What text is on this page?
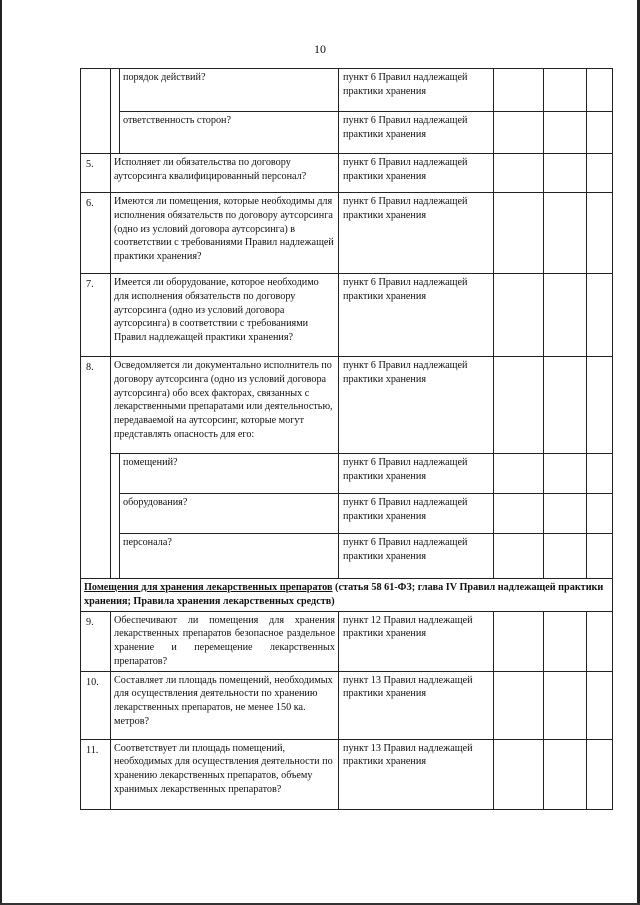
10
		порядок действий?	пункт 6 Правил надлежащей практики хранения			
		ответственность сторон?	пункт 6 Правил надлежащей практики хранения			
5.	Исполняет ли обязательства по договору аутсорсинга квалифицированный персонал?		пункт 6 Правил надлежащей практики хранения			
6.	Имеются ли помещения, которые необходимы для исполнения обязательств по договору аутсорсинга (одно из условий договора аутсорсинга) в соответствии с требованиями Правил надлежащей практики хранения?		пункт 6 Правил надлежащей практики хранения			
7.	Имеется ли оборудование, которое необходимо для исполнения обязательств по договору аутсорсинга (одно из условий договора аутсорсинга) в соответствии с требованиями Правил надлежащей практики хранения?		пункт 6 Правил надлежащей практики хранения			
8.	Осведомляется ли документально исполнитель по договору аутсорсинга (одно из условий договора аутсорсинга) обо всех факторах, связанных с лекарственными препаратами или деятельностью, передаваемой на аутсорсинг, которые могут представлять опасность для его:		пункт 6 Правил надлежащей практики хранения			
		помещений?	пункт 6 Правил надлежащей практики хранения			
		оборудования?	пункт 6 Правил надлежащей практики хранения			
		персонала?	пункт 6 Правил надлежащей практики хранения			
Помещения для хранения лекарственных препаратов (статья 58 61-ФЗ; глава IV Правил надлежащей практики хранения; Правила хранения лекарственных средств)						
9.	Обеспечивают ли помещения для хранения лекарственных препаратов безопасное раздельное хранение и перемещение лекарственных препаратов?		пункт 12 Правил надлежащей практики хранения			
10.	Составляет ли площадь помещений, необходимых для осуществления деятельности по хранению лекарственных препаратов, не менее 150 ка. метров?		пункт 13 Правил надлежащей практики хранения			
11.	Соответствует ли площадь помещений, необходимых для осуществления деятельности по хранению лекарственных препаратов, объему хранимых лекарственных препаратов?		пункт 13 Правил надлежащей практики хранения			
